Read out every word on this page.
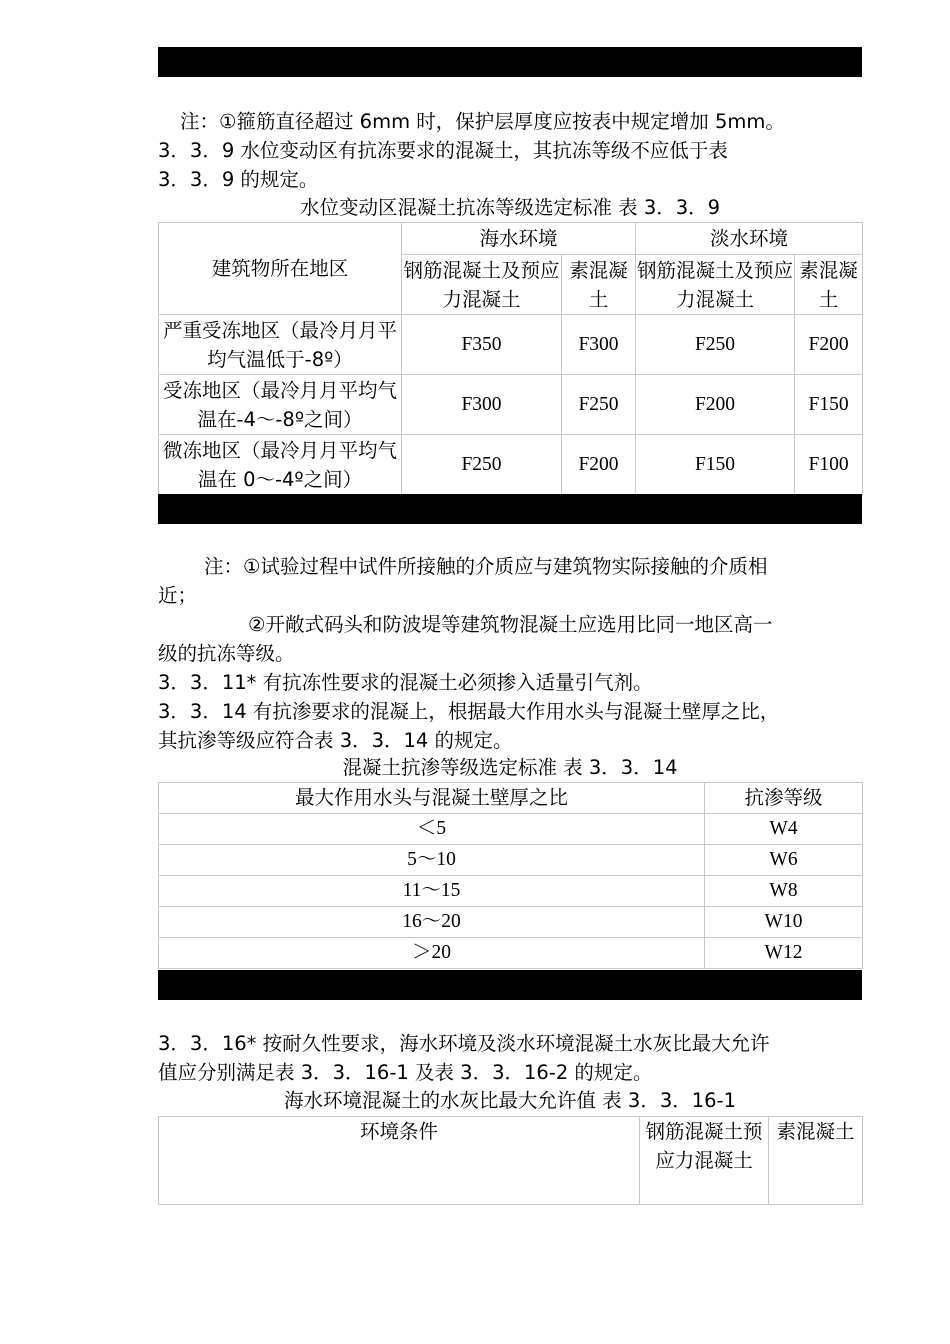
注：①箍筋直径超过 6mm 时，保护层厚度应按表中规定增加 5mm。
3．3．9 水位变动区有抗冻要求的混凝土，其抗冻等级不应低于表
3．3．9 的规定。
水位变动区混凝土抗冻等级选定标准 表 3．3．9
建筑物所在地区	海水环境		淡水环境	
	钢筋混凝土及预应力混凝土	素混凝土	钢筋混凝土及预应力混凝土	素混凝土
严重受冻地区（最冷月月平均气温低于-8º）	F350	F300	F250	F200
受冻地区（最冷月月平均气温在-4～-8º之间）	F300	F250	F200	F150
微冻地区（最冷月月平均气温在 0～-4º之间）	F250	F200	F150	F100
注：①试验过程中试件所接触的介质应与建筑物实际接触的介质相
近；
②开敞式码头和防波堤等建筑物混凝土应选用比同一地区高一
级的抗冻等级。
3．3．11* 有抗冻性要求的混凝土必须掺入适量引气剂。
3．3．14 有抗渗要求的混凝上，根据最大作用水头与混凝土壁厚之比，
其抗渗等级应符合表 3．3．14 的规定。
混凝土抗渗等级选定标准 表 3．3．14
最大作用水头与混凝土壁厚之比	抗渗等级
＜5	W4
5～10	W6
11～15	W8
16～20	W10
＞20	W12
3．3．16* 按耐久性要求，海水环境及淡水环境混凝土水灰比最大允许
值应分别满足表 3．3．16-1 及表 3．3．16-2 的规定。
海水环境混凝土的水灰比最大允许值 表 3．3．16-1
环境条件	钢筋混凝土预应力混凝土	素混凝土
